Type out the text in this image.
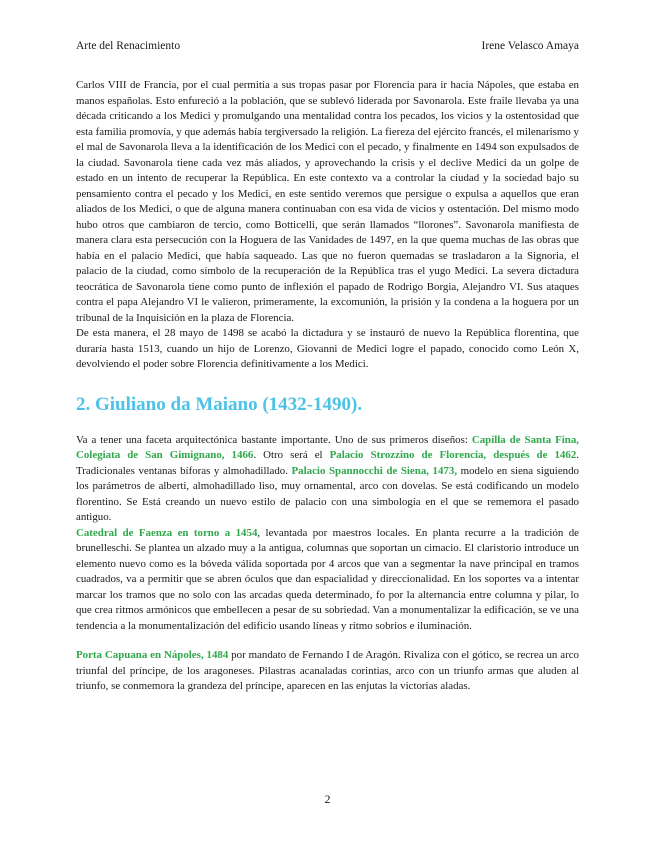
Arte del Renacimiento	Irene Velasco Amaya

Carlos VIII de Francia, por el cual permitía a sus tropas pasar por Florencia para ir hacia Nápoles, que estaba en manos españolas. Esto enfureció a la población, que se sublevó liderada por Savonarola. Este fraile llevaba ya una década criticando a los Medici y promulgando una mentalidad contra los pecados, los vicios y la ostentosidad que esta familia promovía, y que además había tergiversado la religión. La fiereza del ejército francés, el milenarismo y el mal de Savonarola lleva a la identificación de los Medici con el pecado, y finalmente en 1494 son expulsados de la ciudad. Savonarola tiene cada vez más aliados, y aprovechando la crisis y el declive Medici da un golpe de estado en un intento de recuperar la República. En este contexto va a controlar la ciudad y la sociedad bajo su pensamiento contra el pecado y los Medici, en este sentido veremos que persigue o expulsa a aquellos que eran aliados de los Medici, o que de alguna manera continuaban con esa vida de vicios y ostentación. Del mismo modo hubo otros que cambiaron de tercio, como Botticelli, que serán llamados “llorones”. Savonarola manifiesta de manera clara esta persecución con la Hoguera de las Vanidades de 1497, en la que quema muchas de las obras que había en el palacio Medici, que había saqueado. Las que no fueron quemadas se trasladaron a la Signoria, el palacio de la ciudad, como símbolo de la recuperación de la República tras el yugo Medici. La severa dictadura teocrática de Savonarola tiene como punto de inflexión el papado de Rodrigo Borgia, Alejandro VI. Sus ataques contra el papa Alejandro VI le valieron, primeramente, la excomunión, la prisión y la condena a la hoguera por un tribunal de la Inquisición en la plaza de Florencia.

De esta manera, el 28 mayo de 1498 se acabó la dictadura y se instauró de nuevo la República florentina, que duraría hasta 1513, cuando un hijo de Lorenzo, Giovanni de Medici logre el papado, conocido como León X, devolviendo el poder sobre Florencia definitivamente a los Medici.

2. Giuliano da Maiano (1432-1490).

Va a tener una faceta arquitectónica bastante importante. Uno de sus primeros diseños: Capilla de Santa Fina, Colegiata de San Gimignano, 1466. Otro será el Palacio Strozzino de Florencia, después de 1462. Tradicionales ventanas bíforas y almohadillado. Palacio Spannocchi de Siena, 1473, modelo en siena siguiendo los parámetros de alberti, almohadillado liso, muy ornamental, arco con dovelas. Se está codificando un modelo florentino. Se Está creando un nuevo estilo de palacio con una simbología en el que se rememora el pasado antiguo.

Catedral de Faenza en torno a 1454, levantada por maestros locales. En planta recurre a la tradición de brunelleschi. Se plantea un alzado muy a la antigua, columnas que soportan un cimacio. El claristorio introduce un elemento nuevo como es la bóveda válida soportada por 4 arcos que van a segmentar la nave principal en tramos cuadrados, va a permitir que se abren óculos que dan espacialidad y direccionalidad. En los soportes va a intentar marcar los tramos que no solo con las arcadas queda determinado, fo por la alternancia entre columna y pilar, lo que crea ritmos armónicos que embellecen a pesar de su sobriedad. Van a monumentalizar la edificación, se ve una tendencia a la monumentalización del edificio usando líneas y ritmo sobrios e iluminación.

Porta Capuana en Nápoles, 1484 por mandato de Fernando I de Aragón. Rivaliza con el gótico, se recrea un arco triunfal del príncipe, de los aragoneses. Pilastras acanaladas corintias, arco con un triunfo armas que aluden al triunfo, se conmemora la grandeza del príncipe, aparecen en las enjutas la victorias aladas.

2
